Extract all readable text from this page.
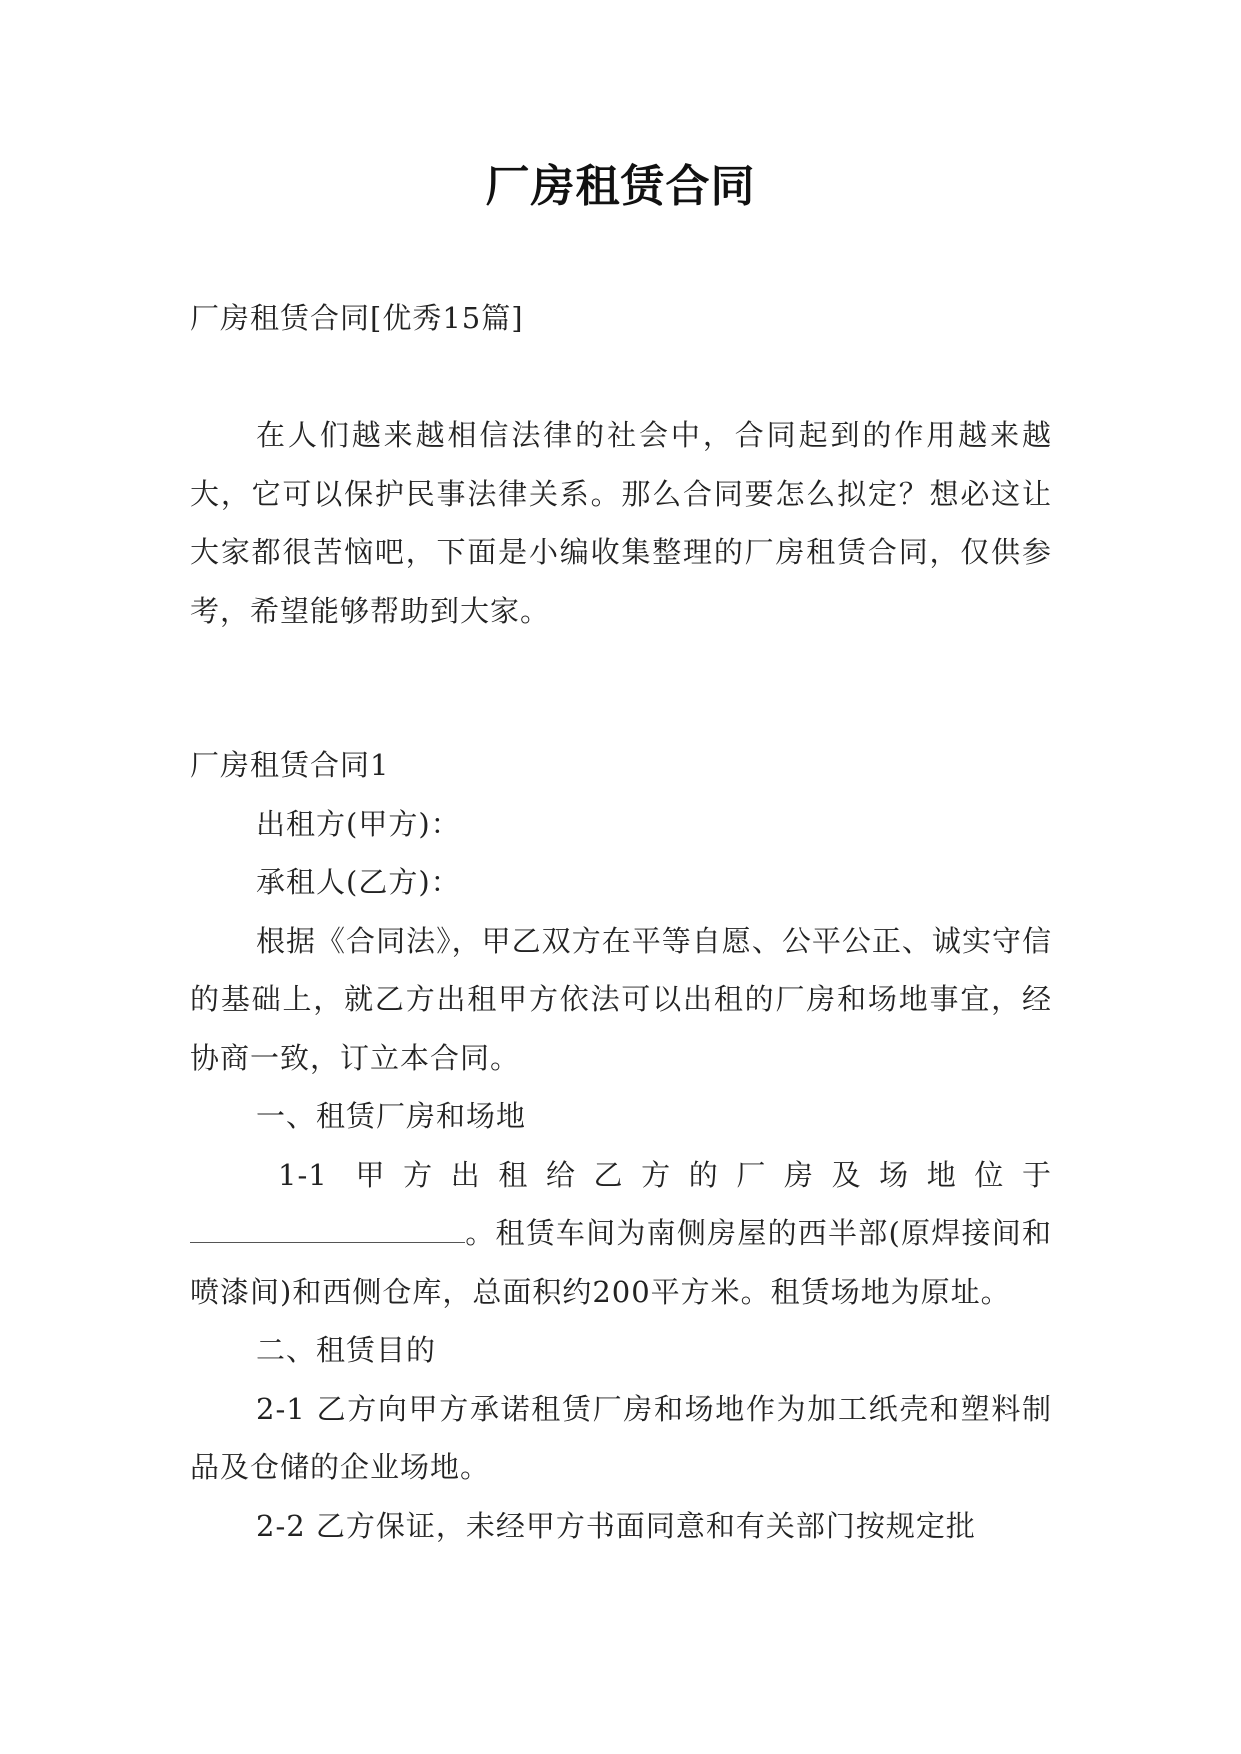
厂房租赁合同
厂房租赁合同[优秀15篇]

在人们越来越相信法律的社会中，合同起到的作用越来越大，它可以保护民事法律关系。那么合同要怎么拟定？想必这让大家都很苦恼吧，下面是小编收集整理的厂房租赁合同，仅供参考，希望能够帮助到大家。

厂房租赁合同1

出租方(甲方)：

承租人(乙方)：

根据《合同法》，甲乙双方在平等自愿、公平公正、诚实守信的基础上，就乙方出租甲方依法可以出租的厂房和场地事宜，经协商一致，订立本合同。

一、租赁厂房和场地

1-1 甲方出租给乙方的厂房及场地位于

。租赁车间为南侧房屋的西半部(原焊接间和喷漆间)和西侧仓库，总面积约200平方米。租赁场地为原址。

二、租赁目的

2-1 乙方向甲方承诺租赁厂房和场地作为加工纸壳和塑料制品及仓储的企业场地。

2-2 乙方保证，未经甲方书面同意和有关部门按规定批
